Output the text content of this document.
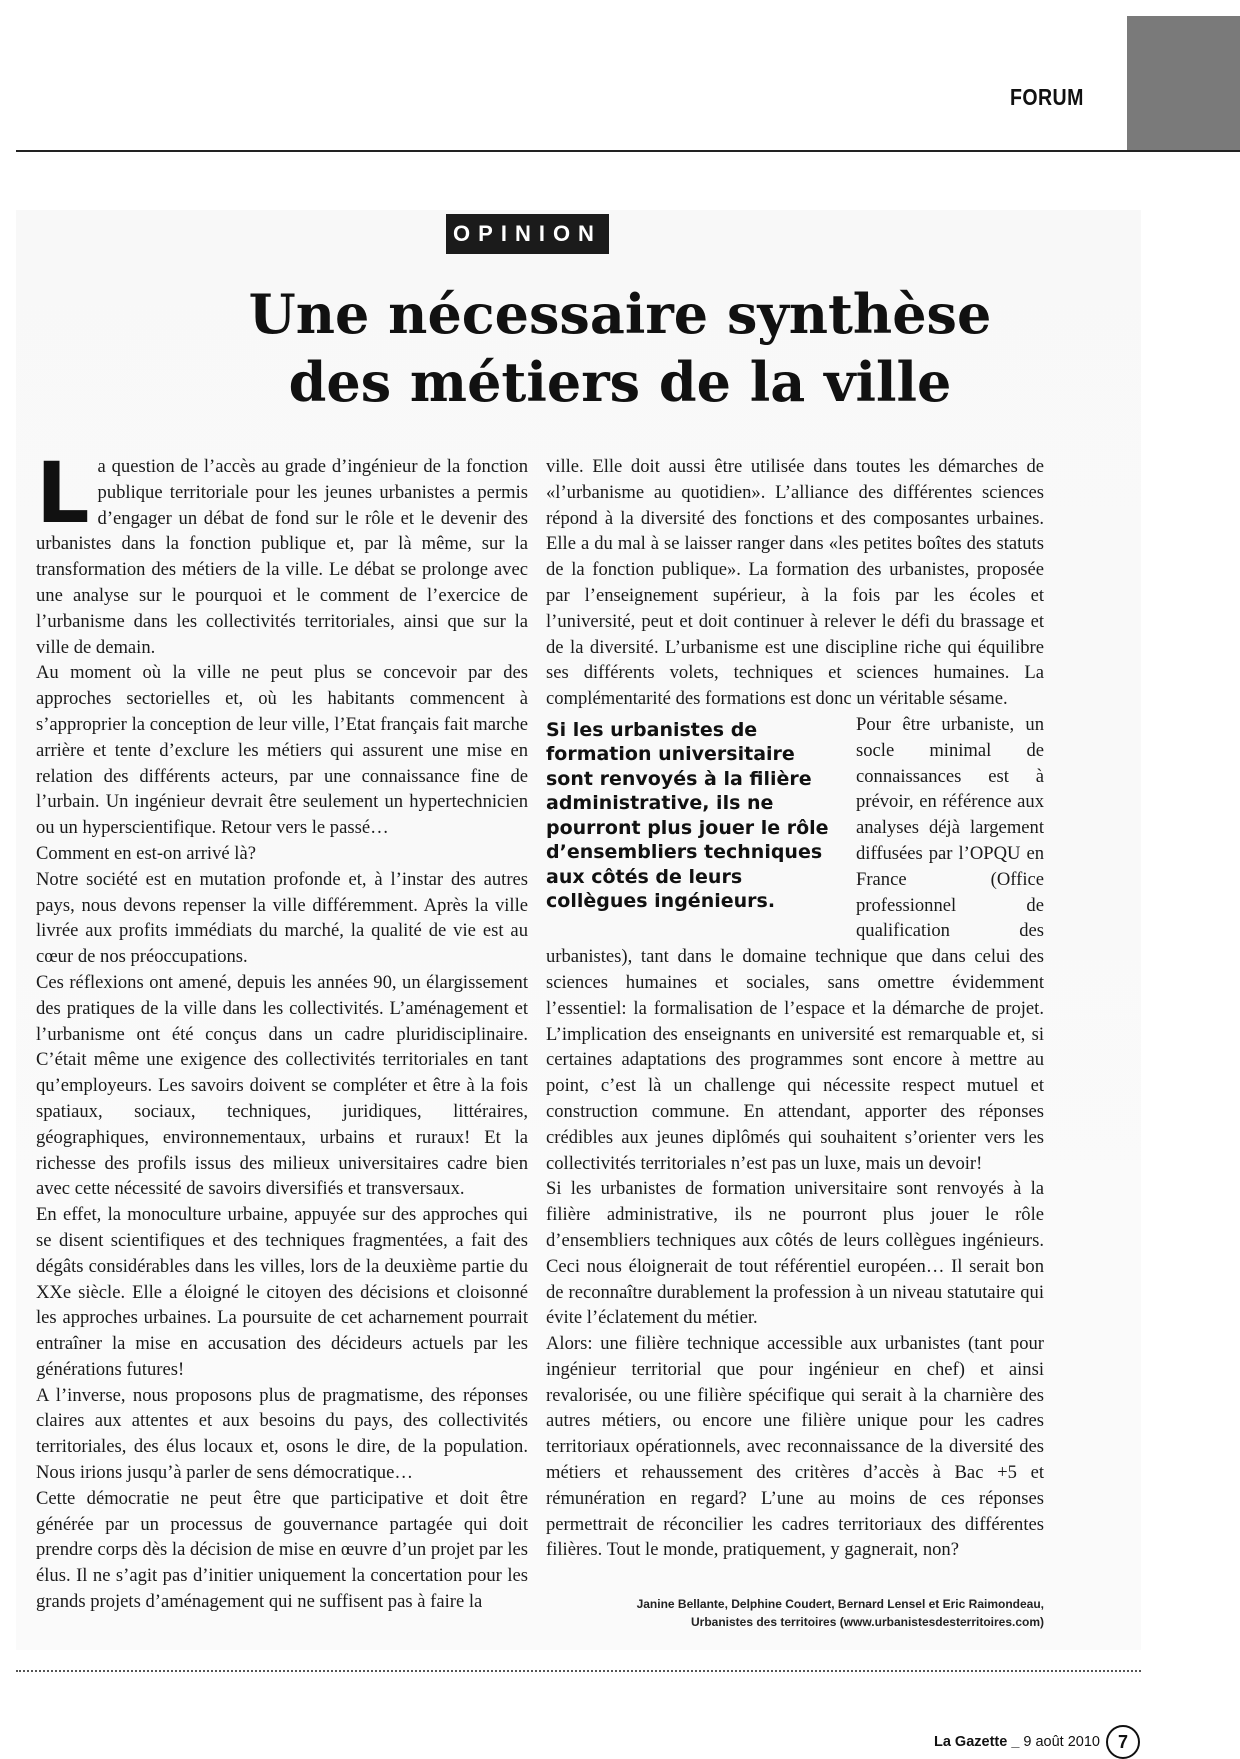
FORUM
OPINION
Une nécessaire synthèse
des métiers de la ville
L a question de l’accès au grade d’ingénieur de la fonction publique territoriale pour les jeunes urbanistes a permis d’engager un débat de fond sur le rôle et le devenir des urbanistes dans la fonction publique et, par là même, sur la transformation des métiers de la ville. Le débat se prolonge avec une analyse sur le pourquoi et le comment de l’exercice de l’urbanisme dans les collectivités territoriales, ainsi que sur la ville de demain.

Au moment où la ville ne peut plus se concevoir par des approches sectorielles et, où les habitants commencent à s’approprier la conception de leur ville, l’Etat français fait marche arrière et tente d’exclure les métiers qui assurent une mise en relation des différents acteurs, par une connaissance fine de l’urbain. Un ingénieur devrait être seulement un hypertechnicien ou un hyperscientifique. Retour vers le passé…

Comment en est-on arrivé là?

Notre société est en mutation profonde et, à l’instar des autres pays, nous devons repenser la ville différemment. Après la ville livrée aux profits immédiats du marché, la qualité de vie est au cœur de nos préoccupations.

Ces réflexions ont amené, depuis les années 90, un élargissement des pratiques de la ville dans les collectivités. L’aménagement et l’urbanisme ont été conçus dans un cadre pluridisciplinaire. C’était même une exigence des collectivités territoriales en tant qu’employeurs. Les savoirs doivent se compléter et être à la fois spatiaux, sociaux, techniques, juridiques, littéraires, géographiques, environnementaux, urbains et ruraux! Et la richesse des profils issus des milieux universitaires cadre bien avec cette nécessité de savoirs diversifiés et transversaux.

En effet, la monoculture urbaine, appuyée sur des approches qui se disent scientifiques et des techniques fragmentées, a fait des dégâts considérables dans les villes, lors de la deuxième partie du XXe siècle. Elle a éloigné le citoyen des décisions et cloisonné les approches urbaines. La poursuite de cet acharnement pourrait entraîner la mise en accusation des décideurs actuels par les générations futures!

A l’inverse, nous proposons plus de pragmatisme, des réponses claires aux attentes et aux besoins du pays, des collectivités territoriales, des élus locaux et, osons le dire, de la population. Nous irions jusqu’à parler de sens démocratique…

Cette démocratie ne peut être que participative et doit être générée par un processus de gouvernance partagée qui doit prendre corps dès la décision de mise en œuvre d’un projet par les élus. Il ne s’agit pas d’initier uniquement la concertation pour les grands projets d’aménagement qui ne suffisent pas à faire la

ville. Elle doit aussi être utilisée dans toutes les démarches de «l’urbanisme au quotidien». L’alliance des différentes sciences répond à la diversité des fonctions et des composantes urbaines. Elle a du mal à se laisser ranger dans «les petites boîtes des statuts de la fonction publique». La formation des urbanistes, proposée par l’enseignement supérieur, à la fois par les écoles et l’université, peut et doit continuer à relever le défi du brassage et de la diversité. L’urbanisme est une discipline riche qui équilibre ses différents volets, techniques et sciences humaines. La complémentarité des formations est donc un véritable sésame.

Si les urbanistes de formation universitaire sont renvoyés à la filière administrative, ils ne pourront plus jouer le rôle d’ensembliers techniques aux côtés de leurs collègues ingénieurs.

Pour être urbaniste, un socle minimal de connaissances est à prévoir, en référence aux analyses déjà largement diffusées par l’OPQU en France (Office professionnel de qualification des urbanistes), tant dans le domaine technique que dans celui des sciences humaines et sociales, sans omettre évidemment l’essentiel: la formalisation de l’espace et la démarche de projet. L’implication des enseignants en université est remarquable et, si certaines adaptations des programmes sont encore à mettre au point, c’est là un challenge qui nécessite respect mutuel et construction commune. En attendant, apporter des réponses crédibles aux jeunes diplômés qui souhaitent s’orienter vers les collectivités territoriales n’est pas un luxe, mais un devoir!

Si les urbanistes de formation universitaire sont renvoyés à la filière administrative, ils ne pourront plus jouer le rôle d’ensembliers techniques aux côtés de leurs collègues ingénieurs. Ceci nous éloignerait de tout référentiel européen… Il serait bon de reconnaître durablement la profession à un niveau statutaire qui évite l’éclatement du métier.

Alors: une filière technique accessible aux urbanistes (tant pour ingénieur territorial que pour ingénieur en chef) et ainsi revalorisée, ou une filière spécifique qui serait à la charnière des autres métiers, ou encore une filière unique pour les cadres territoriaux opérationnels, avec reconnaissance de la diversité des métiers et rehaussement des critères d’accès à Bac +5 et rémunération en regard? L’une au moins de ces réponses permettrait de réconcilier les cadres territoriaux des différentes filières. Tout le monde, pratiquement, y gagnerait, non?

Janine Bellante, Delphine Coudert, Bernard Lensel et Eric Raimondeau,
Urbanistes des territoires (www.urbanistesdesterritoires.com)
La Gazette _ 9 août 2010 7
